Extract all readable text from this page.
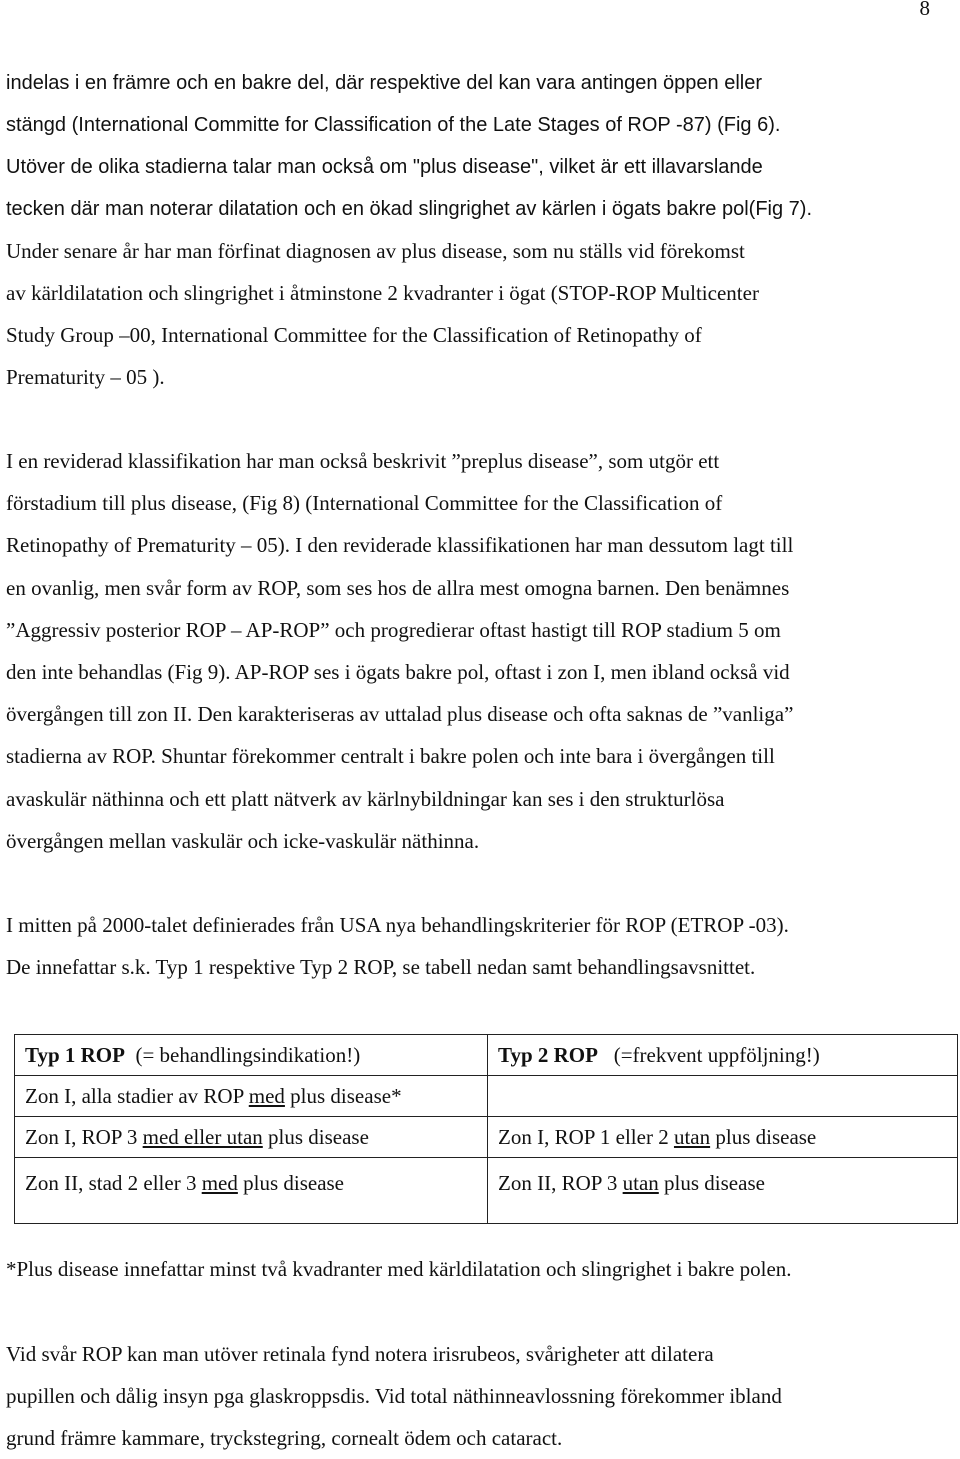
8
indelas i en främre och en bakre del, där respektive del kan vara antingen öppen eller
stängd (International Committe for Classification of the Late Stages of ROP -87) (Fig 6).
Utöver de olika stadierna talar man också om "plus disease", vilket är ett illavarslande
tecken där man noterar dilatation och en ökad slingrighet av kärlen i ögats bakre pol(Fig 7).
Under senare år har man förfinat diagnosen av plus disease, som nu ställs vid förekomst
av kärldilatation och slingrighet i åtminstone 2 kvadranter i ögat (STOP-ROP Multicenter
Study Group –00, International Committee for the Classification of Retinopathy of
Prematurity – 05 ).
I en reviderad klassifikation har man också beskrivit ”preplus disease”, som utgör ett
förstadium till plus disease, (Fig 8) (International Committee for the Classification of
Retinopathy of Prematurity – 05). I den reviderade klassifikationen har man dessutom lagt till
en ovanlig, men svår form av ROP, som ses hos de allra mest omogna barnen. Den benämnes
”Aggressiv posterior ROP – AP-ROP” och progredierar oftast hastigt till ROP stadium 5 om
den inte behandlas (Fig 9). AP-ROP ses i ögats bakre pol, oftast i zon I, men ibland också vid
övergången till zon II. Den karakteriseras av uttalad plus disease och ofta saknas de ”vanliga”
stadierna av ROP. Shuntar förekommer centralt i bakre polen och inte bara i övergången till
avaskulär näthinna och ett platt nätverk av kärlnybildningar kan ses i den strukturlösa
övergången mellan vaskulär och icke-vaskulär näthinna.
I mitten på 2000-talet definierades från USA nya behandlingskriterier för ROP (ETROP -03).
De innefattar s.k. Typ 1 respektive Typ 2 ROP, se tabell nedan samt behandlingsavsnittet.
Typ 1 ROP (= behandlingsindikation!)	Typ 2 ROP (=frekvent uppföljning!)
Zon I, alla stadier av ROP med plus disease*	
Zon I, ROP 3 med eller utan plus disease	Zon I, ROP 1 eller 2 utan plus disease
Zon II, stad 2 eller 3 med plus disease	Zon II, ROP 3 utan plus disease
*Plus disease innefattar minst två kvadranter med kärldilatation och slingrighet i bakre polen.
Vid svår ROP kan man utöver retinala fynd notera irisrubeos, svårigheter att dilatera
pupillen och dålig insyn pga glaskroppsdis. Vid total näthinneavlossning förekommer ibland
grund främre kammare, tryckstegring, cornealt ödem och cataract.
